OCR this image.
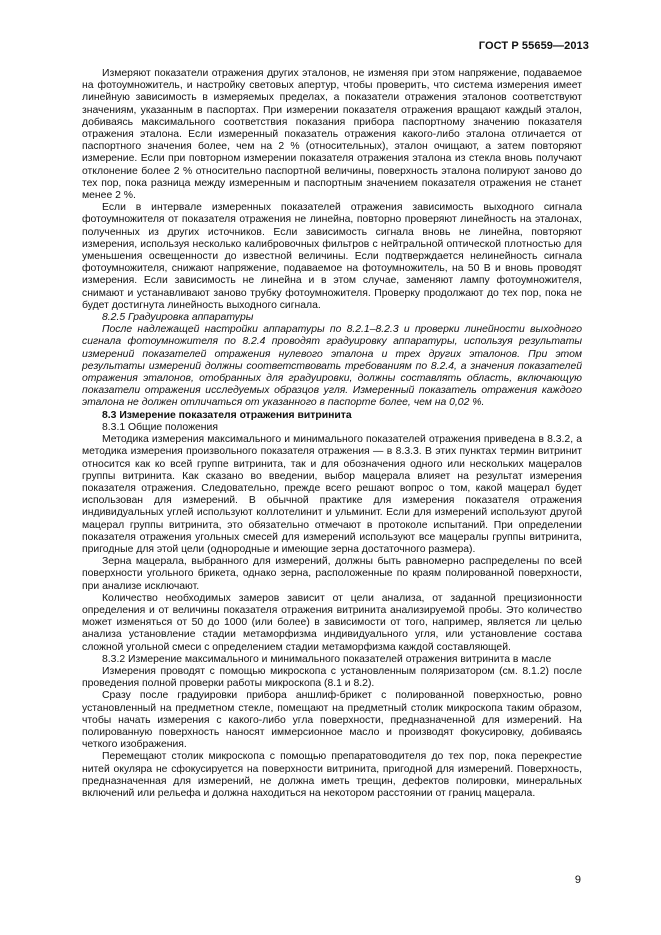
ГОСТ Р 55659—2013

Измеряют показатели отражения других эталонов, не изменяя при этом напряжение, подаваемое на фотоумножитель, и настройку световых апертур, чтобы проверить, что система измерения имеет линейную зависимость в измеряемых пределах, а показатели отражения эталонов соответствуют значениям, указанным в паспортах. При измерении показателя отражения вращают каждый эталон, добиваясь максимального соответствия показания прибора паспортному значению показателя отражения эталона. Если измеренный показатель отражения какого-либо эталона отличается от паспортного значения более, чем на 2 % (относительных), эталон очищают, а затем повторяют измерение. Если при повторном измерении показателя отражения эталона из стекла вновь получают отклонение более 2 % относительно паспортной величины, поверхность эталона полируют заново до тех пор, пока разница между измеренным и паспортным значением показателя отражения не станет менее 2 %.

Если в интервале измеренных показателей отражения зависимость выходного сигнала фотоумножителя от показателя отражения не линейна, повторно проверяют линейность на эталонах, полученных из других источников. Если зависимость сигнала вновь не линейна, повторяют измерения, используя несколько калибровочных фильтров с нейтральной оптической плотностью для уменьшения освещенности до известной величины. Если подтверждается нелинейность сигнала фотоумножителя, снижают напряжение, подаваемое на фотоумножитель, на 50 В и вновь проводят измерения. Если зависимость не линейна и в этом случае, заменяют лампу фотоумножителя, снимают и устанавливают заново трубку фотоумножителя. Проверку продолжают до тех пор, пока не будет достигнута линейность выходного сигнала.

8.2.5 Градуировка аппаратуры

После надлежащей настройки аппаратуры по 8.2.1–8.2.3 и проверки линейности выходного сигнала фотоумножителя по 8.2.4 проводят градуировку аппаратуры, используя результаты измерений показателей отражения нулевого эталона и трех других эталонов. При этом результаты измерений должны соответствовать требованиям по 8.2.4, а значения показателей отражения эталонов, отобранных для градуировки, должны составлять область, включающую показатели отражения исследуемых образцов угля. Измеренный показатель отражения каждого эталона не должен отличаться от указанного в паспорте более, чем на 0,02 %.

8.3 Измерение показателя отражения витринита

8.3.1 Общие положения

Методика измерения максимального и минимального показателей отражения приведена в 8.3.2, а методика измерения произвольного показателя отражения — в 8.3.3. В этих пунктах термин витринит относится как ко всей группе витринита, так и для обозначения одного или нескольких мацералов группы витринита. Как сказано во введении, выбор мацерала влияет на результат измерения показателя отражения. Следовательно, прежде всего решают вопрос о том, какой мацерал будет использован для измерений. В обычной практике для измерения показателя отражения индивидуальных углей используют коллотелинит и ульминит. Если для измерений используют другой мацерал группы витринита, это обязательно отмечают в протоколе испытаний. При определении показателя отражения угольных смесей для измерений используют все мацералы группы витринита, пригодные для этой цели (однородные и имеющие зерна достаточного размера).

Зерна мацерала, выбранного для измерений, должны быть равномерно распределены по всей поверхности угольного брикета, однако зерна, расположенные по краям полированной поверхности, при анализе исключают.

Количество необходимых замеров зависит от цели анализа, от заданной прецизионности определения и от величины показателя отражения витринита анализируемой пробы. Это количество может изменяться от 50 до 1000 (или более) в зависимости от того, например, является ли целью анализа установление стадии метаморфизма индивидуального угля, или установление состава сложной угольной смеси с определением стадии метаморфизма каждой составляющей.

8.3.2 Измерение максимального и минимального показателей отражения витринита в масле

Измерения проводят с помощью микроскопа с установленным поляризатором (см. 8.1.2) после проведения полной проверки работы микроскопа (8.1 и 8.2).

Сразу после градуировки прибора аншлиф-брикет с полированной поверхностью, ровно установленный на предметном стекле, помещают на предметный столик микроскопа таким образом, чтобы начать измерения с какого-либо угла поверхности, предназначенной для измерений. На полированную поверхность наносят иммерсионное масло и производят фокусировку, добиваясь четкого изображения.

Перемещают столик микроскопа с помощью препаратоводителя до тех пор, пока перекрестие нитей окуляра не сфокусируется на поверхности витринита, пригодной для измерений. Поверхность, предназначенная для измерений, не должна иметь трещин, дефектов полировки, минеральных включений или рельефа и должна находиться на некотором расстоянии от границ мацерала.

9
